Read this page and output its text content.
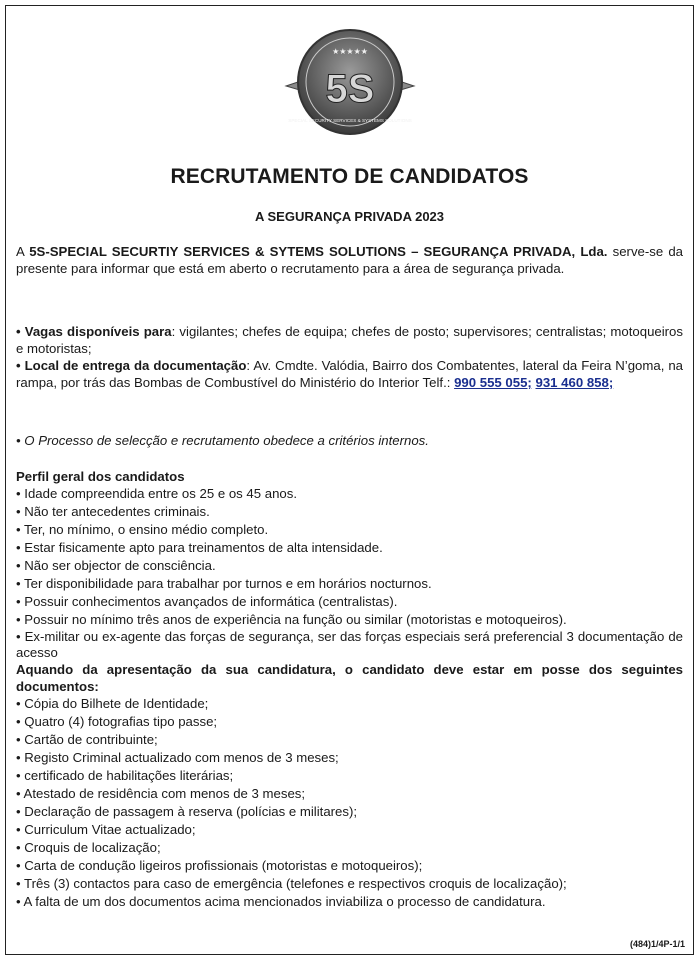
★★★★★
5S
SPECIAL SECURITY SERVICES & SYSTEMS SOLUTIONS
RECRUTAMENTO DE CANDIDATOS
A SEGURANÇA PRIVADA 2023

A 5S-SPECIAL SECURTIY SERVICES & SYTEMS SOLUTIONS – SEGURANÇA PRIVADA, Lda. serve-se da presente para informar que está em aberto o recrutamento para a área de segurança privada.

• Vagas disponíveis para: vigilantes; chefes de equipa; chefes de posto; supervisores; centralistas; motoqueiros e motoristas;

• Local de entrega da documentação: Av. Cmdte. Valódia, Bairro dos Combatentes, lateral da Feira N’goma, na rampa, por trás das Bombas de Combustível do Ministério do Interior Telf.: 990 555 055; 931 460 858;

• O Processo de selecção e recrutamento obedece a critérios internos.

Perfil geral dos candidatos

• Idade compreendida entre os 25 e os 45 anos.
• Não ter antecedentes criminais.
• Ter, no mínimo, o ensino médio completo.
• Estar fisicamente apto para treinamentos de alta intensidade.
• Não ser objector de consciência.
• Ter disponibilidade para trabalhar por turnos e em horários nocturnos.
• Possuir conhecimentos avançados de informática (centralistas).
• Possuir no mínimo três anos de experiência na função ou similar (motoristas e motoqueiros).
• Ex-militar ou ex-agente das forças de segurança, ser das forças especiais será preferencial 3 documentação de acesso

Aquando da apresentação da sua candidatura, o candidato deve estar em posse dos seguintes documentos:

• Cópia do Bilhete de Identidade;
• Quatro (4) fotografias tipo passe;
• Cartão de contribuinte;
• Registo Criminal actualizado com menos de 3 meses;
• certificado de habilitações literárias;
• Atestado de residência com menos de 3 meses;
• Declaração de passagem à reserva (polícias e militares);
• Curriculum Vitae actualizado;
• Croquis de localização;
• Carta de condução ligeiros profissionais (motoristas e motoqueiros);
• Três (3) contactos para caso de emergência (telefones e respectivos croquis de localização);
• A falta de um dos documentos acima mencionados inviabiliza o processo de candidatura.
(484)1/4P-1/1
